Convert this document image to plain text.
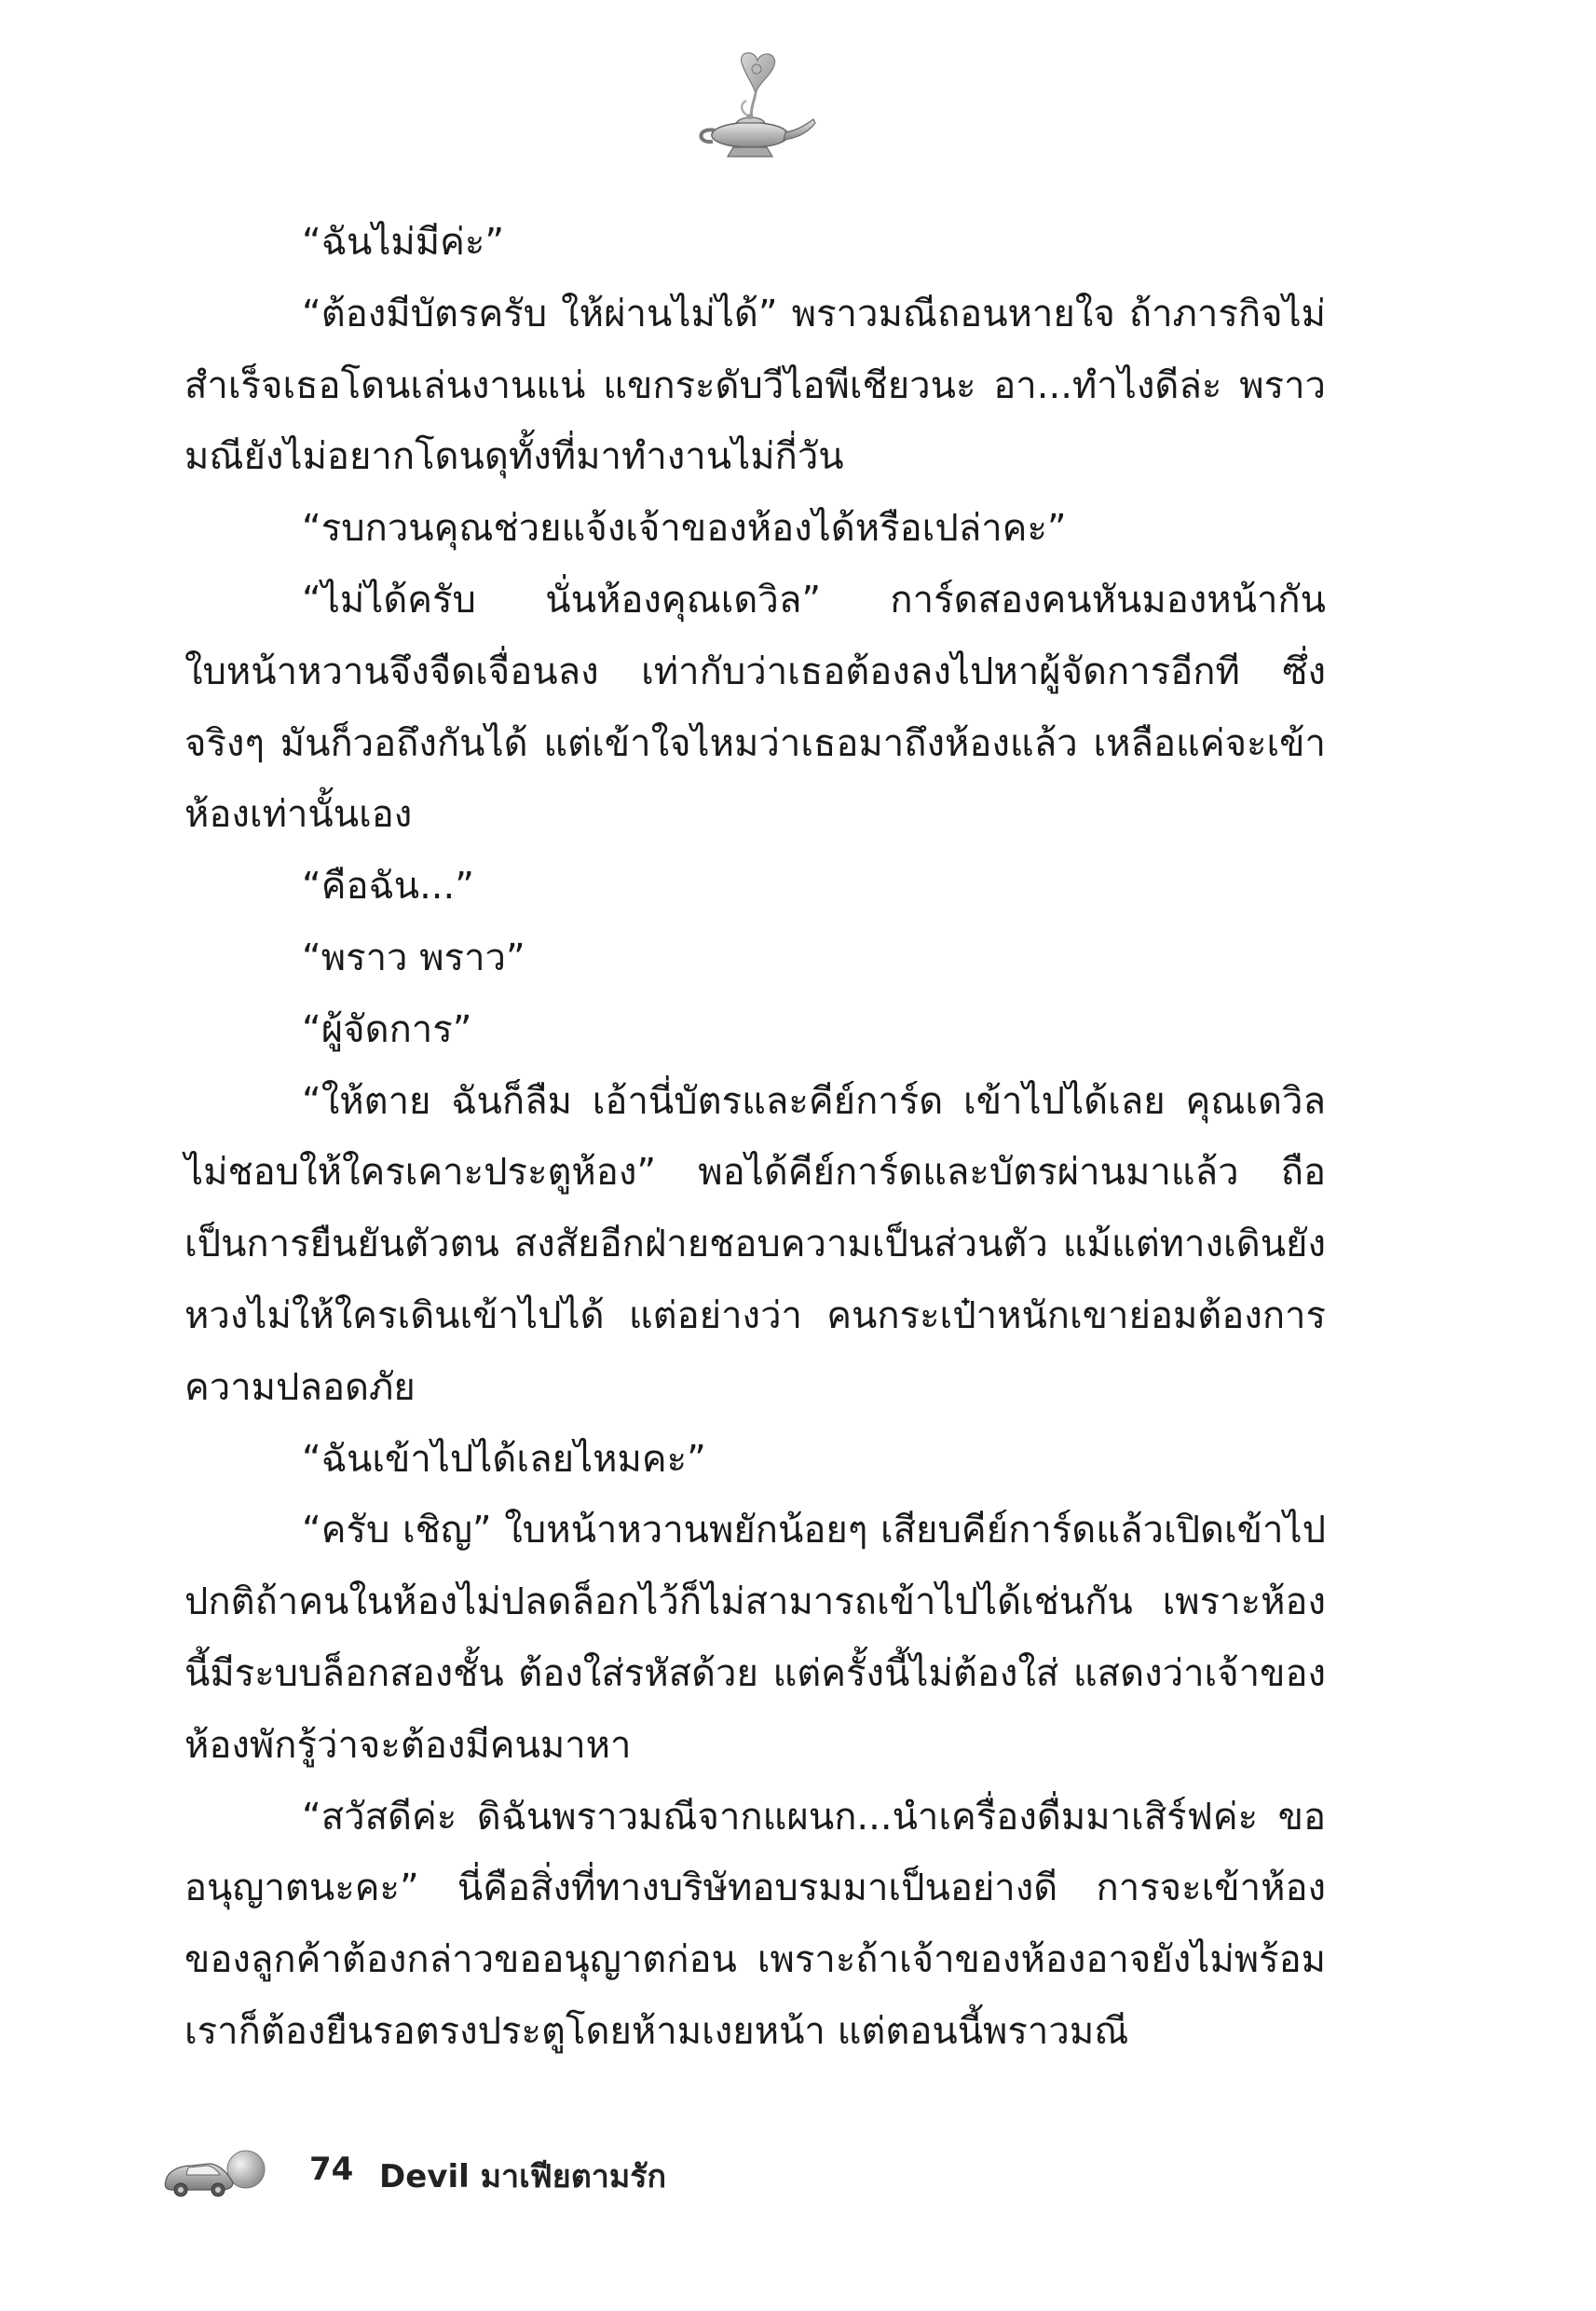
“ฉันไม่มีค่ะ”

“ต้องมีบัตรครับ ให้ผ่านไม่ได้” พราวมณีถอนหายใจ ถ้าภารกิจไม่สำเร็จเธอโดนเล่นงานแน่ แขกระดับวีไอพีเชียวนะ อา...ทำไงดีล่ะ พราวมณียังไม่อยากโดนดุทั้งที่มาทำงานไม่กี่วัน

“รบกวนคุณช่วยแจ้งเจ้าของห้องได้หรือเปล่าคะ”

“ไม่ได้ครับ นั่นห้องคุณเดวิล” การ์ดสองคนหันมองหน้ากัน ใบหน้าหวานจึงจืดเจื่อนลง เท่ากับว่าเธอต้องลงไปหาผู้จัดการอีกที ซึ่งจริงๆ มันก็วอถึงกันได้ แต่เข้าใจไหมว่าเธอมาถึงห้องแล้ว เหลือแค่จะเข้าห้องเท่านั้นเอง

“คือฉัน...”

“พราว พราว”

“ผู้จัดการ”

“ให้ตาย ฉันก็ลืม เอ้านี่บัตรและคีย์การ์ด เข้าไปได้เลย คุณเดวิลไม่ชอบให้ใครเคาะประตูห้อง” พอได้คีย์การ์ดและบัตรผ่านมาแล้ว ถือเป็นการยืนยันตัวตน สงสัยอีกฝ่ายชอบความเป็นส่วนตัว แม้แต่ทางเดินยังหวงไม่ให้ใครเดินเข้าไปได้ แต่อย่างว่า คนกระเป๋าหนักเขาย่อมต้องการความปลอดภัย

“ฉันเข้าไปได้เลยไหมคะ”

“ครับ เชิญ” ใบหน้าหวานพยักน้อยๆ เสียบคีย์การ์ดแล้วเปิดเข้าไป ปกติถ้าคนในห้องไม่ปลดล็อกไว้ก็ไม่สามารถเข้าไปได้เช่นกัน เพราะห้องนี้มีระบบล็อกสองชั้น ต้องใส่รหัสด้วย แต่ครั้งนี้ไม่ต้องใส่ แสดงว่าเจ้าของห้องพักรู้ว่าจะต้องมีคนมาหา

“สวัสดีค่ะ ดิฉันพราวมณีจากแผนก...นำเครื่องดื่มมาเสิร์ฟค่ะ ขออนุญาตนะคะ” นี่คือสิ่งที่ทางบริษัทอบรมมาเป็นอย่างดี การจะเข้าห้องของลูกค้าต้องกล่าวขออนุญาตก่อน เพราะถ้าเจ้าของห้องอาจยังไม่พร้อม เราก็ต้องยืนรอตรงประตูโดยห้ามเงยหน้า แต่ตอนนี้พราวมณี

74 Devil มาเฟียตามรัก
